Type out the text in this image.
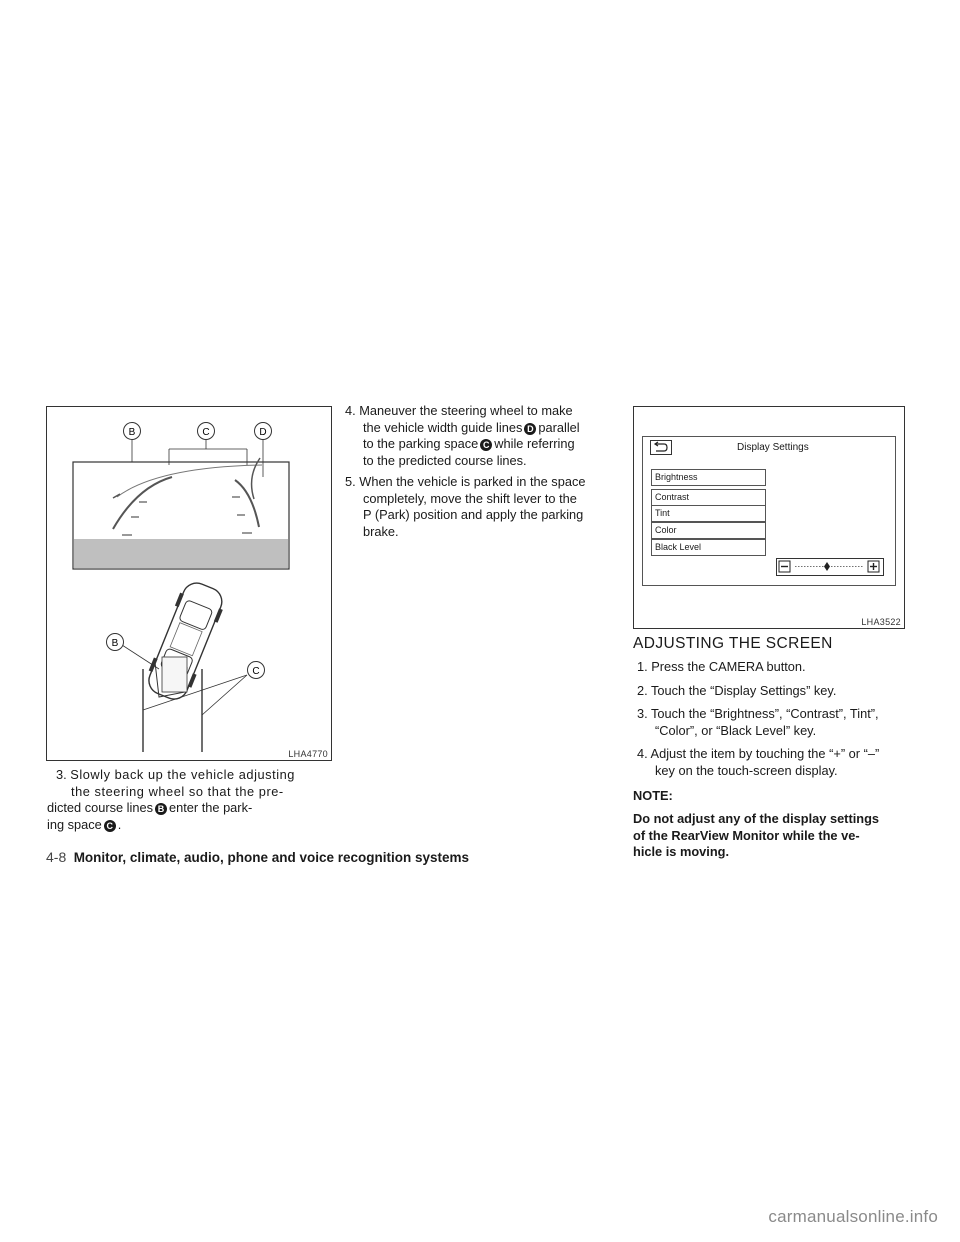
B	C	D
B
C
LHA4770
Display Settings
Brightness
Contrast
Tint
Color
Black Level
LHA3522
3. Slowly back up the vehicle adjusting
the steering wheel so that the pre-
dicted course lines B enter the park-
ing space C .
4. Maneuver the steering wheel to make
the vehicle width guide lines D parallel
to the parking space C while referring
to the predicted course lines.
5. When the vehicle is parked in the space
completely, move the shift lever to the
P (Park) position and apply the parking
brake.
ADJUSTING THE SCREEN
1. Press the CAMERA button.
2. Touch the “Display Settings” key.
3. Touch the “Brightness”, “Contrast”, Tint”,
“Color”, or “Black Level” key.
4. Adjust the item by touching the “+” or “–”
key on the touch-screen display.
NOTE:
Do not adjust any of the display settings
of the RearView Monitor while the ve-
hicle is moving.
4-8 Monitor, climate, audio, phone and voice recognition systems
carmanualsonline.info
